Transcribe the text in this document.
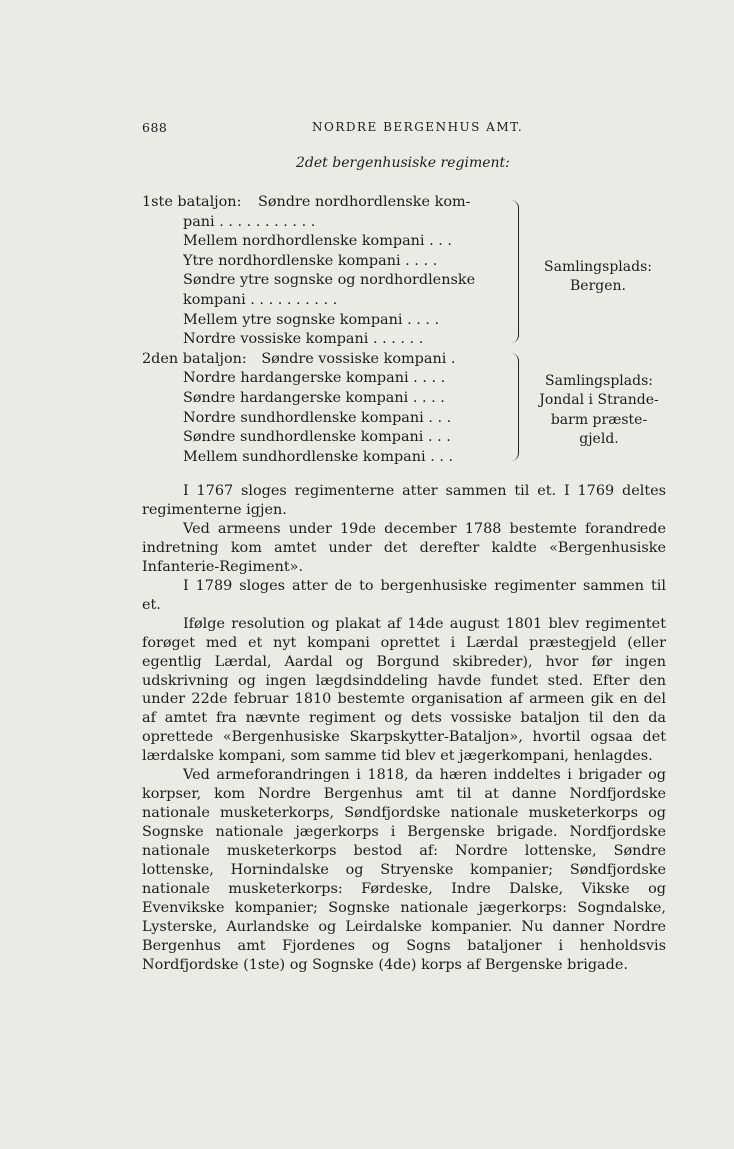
688	NORDRE BERGENHUS AMT.
2det bergenhusiske regiment:
1ste bataljon: Søndre nordhordlenske kom-
pani . . . . . . . . . . .
Mellem nordhordlenske kompani . . .
Ytre nordhordlenske kompani . . . .
Søndre ytre sognske og nordhordlenske
kompani . . . . . . . . . .
Mellem ytre sognske kompani . . . .
Nordre vossiske kompani . . . . . .
2den bataljon: Søndre vossiske kompani .
Nordre hardangerske kompani . . . .
Søndre hardangerske kompani . . . .
Nordre sundhordlenske kompani . . .
Søndre sundhordlenske kompani . . .
Mellem sundhordlenske kompani . . .
Samlingsplads:
Bergen.
Samlingsplads:
Jondal i Strande-
barm præste-
gjeld.

I 1767 sloges regimenterne atter sammen til et. I 1769 deltes regimenterne igjen.

Ved armeens under 19de december 1788 bestemte forandrede indretning kom amtet under det derefter kaldte «Bergenhusiske Infanterie-Regiment».

I 1789 sloges atter de to bergenhusiske regimenter sammen til et.

Ifølge resolution og plakat af 14de august 1801 blev regimentet forøget med et nyt kompani oprettet i Lærdal præstegjeld (eller egentlig Lærdal, Aardal og Borgund skibreder), hvor før ingen udskrivning og ingen lægdsinddeling havde fundet sted. Efter den under 22de februar 1810 bestemte organisation af armeen gik en del af amtet fra nævnte regiment og dets vossiske bataljon til den da oprettede «Bergenhusiske Skarpskytter-Bataljon», hvortil ogsaa det lærdalske kompani, som samme tid blev et jægerkompani, henlagdes.

Ved armeforandringen i 1818, da hæren inddeltes i brigader og korpser, kom Nordre Bergenhus amt til at danne Nordfjordske nationale musketerkorps, Søndfjordske nationale musketerkorps og Sognske nationale jægerkorps i Bergenske brigade. Nordfjordske nationale musketerkorps bestod af: Nordre lottenske, Søndre lottenske, Hornindalske og Stryenske kompanier; Søndfjordske nationale musketerkorps: Førdeske, Indre Dalske, Vikske og Evenvikske kompanier; Sognske nationale jægerkorps: Sogndalske, Lysterske, Aurlandske og Leirdalske kompanier. Nu danner Nordre Bergenhus amt Fjordenes og Sogns bataljoner i henholdsvis Nordfjordske (1ste) og Sognske (4de) korps af Bergenske brigade.
